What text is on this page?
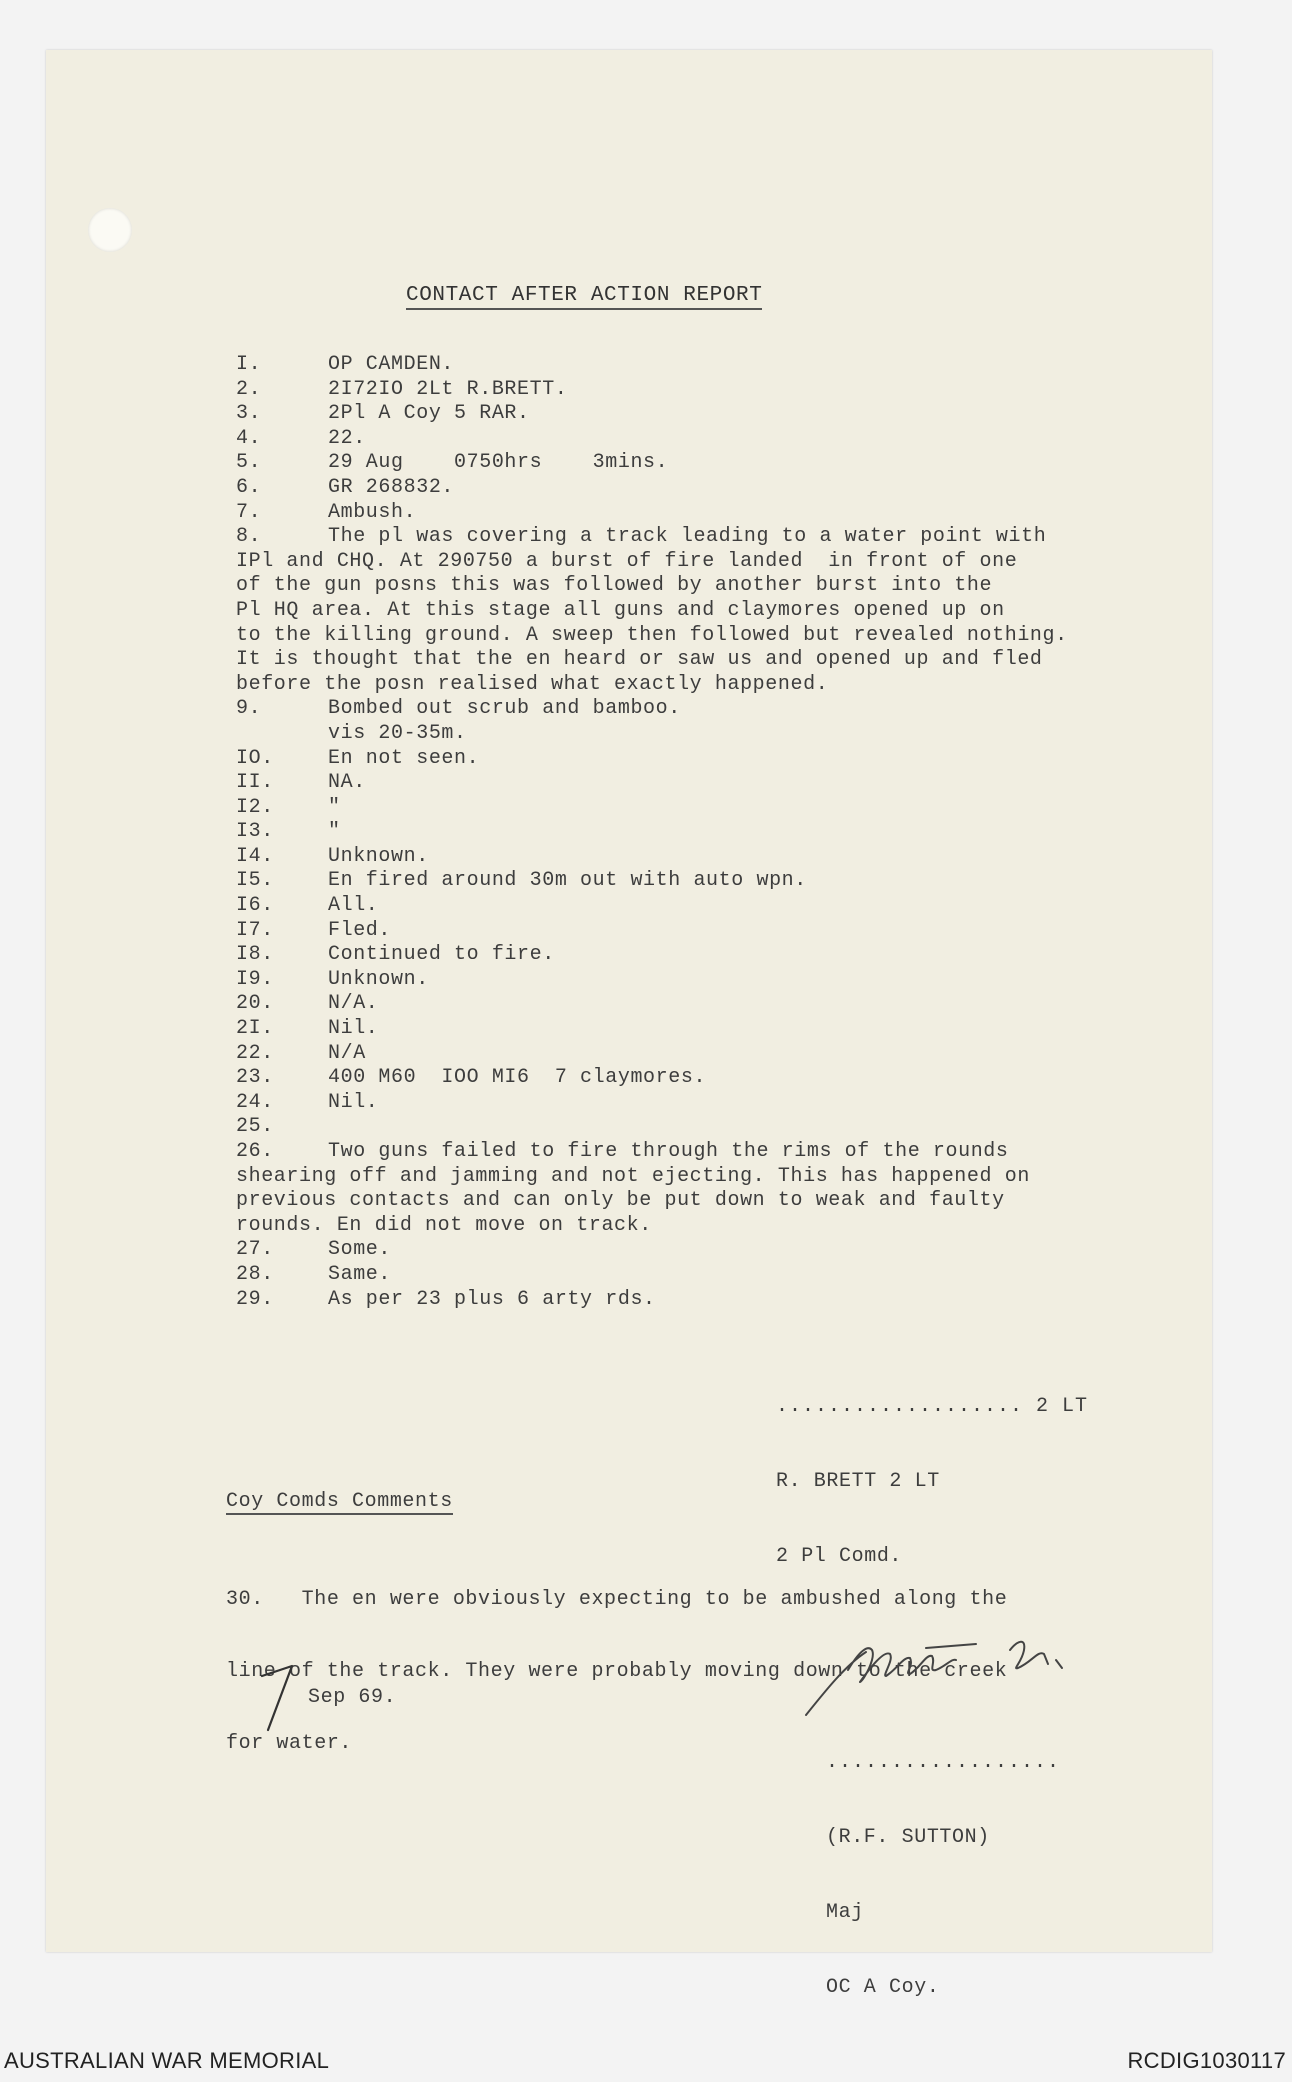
CONTACT AFTER ACTION REPORT
I.	OP CAMDEN.
2.	2I72IO 2Lt R.BRETT.
3.	2Pl A Coy 5 RAR.
4.	22.
5.	29 Aug    0750hrs    3mins.
6.	GR 268832.
7.	Ambush.
8.	The pl was covering a track leading to a water point with
IPl and CHQ. At 290750 a burst of fire landed  in front of one
of the gun posns this was followed by another burst into the
Pl HQ area. At this stage all guns and claymores opened up on
to the killing ground. A sweep then followed but revealed nothing.
It is thought that the en heard or saw us and opened up and fled
before the posn realised what exactly happened.
9.	Bombed out scrub and bamboo.
vis 20-35m.
IO.	En not seen.
II.	NA.
I2.	"
I3.	"
I4.	Unknown.
I5.	En fired around 30m out with auto wpn.
I6.	All.
I7.	Fled.
I8.	Continued to fire.
I9.	Unknown.
20.	N/A.
2I.	Nil.
22.	N/A
23.	400 M60  IOO MI6  7 claymores.
24.	Nil.
25.
26.	Two guns failed to fire through the rims of the rounds
shearing off and jamming and not ejecting. This has happened on
previous contacts and can only be put down to weak and faulty
rounds. En did not move on track.
27.	Some.
28.	Same.
29.	As per 23 plus 6 arty rds.

................... 2 LT

R. BRETT 2 LT

2 Pl Comd.

Coy Comds Comments

30.   The en were obviously expecting to be ambushed along the

line of the track. They were probably moving down to the creek

for water.

Sep 69.

..................

(R.F. SUTTON)

Maj

OC A Coy.

AUSTRALIAN WAR MEMORIAL	RCDIG1030117
